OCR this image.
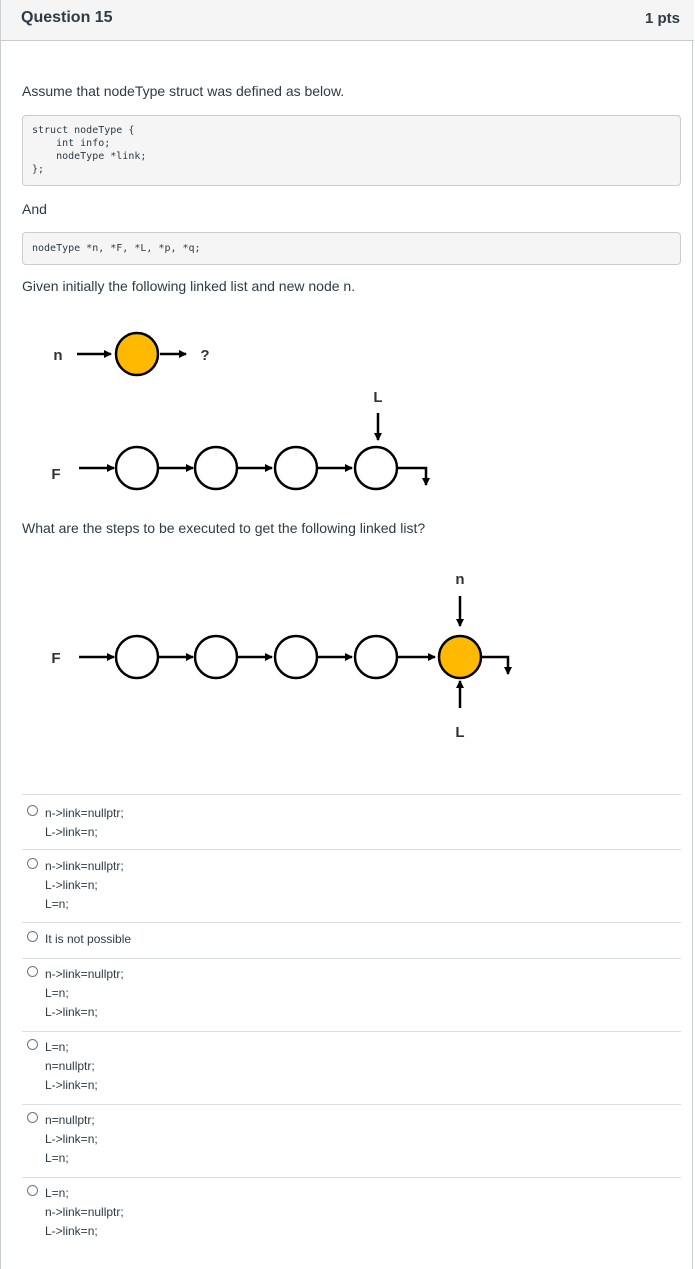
Question 15	1 pts
Assume that nodeType struct was defined as below.
struct nodeType {
int info;
nodeType *link;
};
And
nodeType *n, *F, *L, *p, *q;
Given initially the following linked list and new node n.
n	?
L
F
What are the steps to be executed to get the following linked list?
n
F
L
n->link=nullptr;
L->link=n;
n->link=nullptr;
L->link=n;
L=n;
It is not possible
n->link=nullptr;
L=n;
L->link=n;
L=n;
n=nullptr;
L->link=n;
n=nullptr;
L->link=n;
L=n;
L=n;
n->link=nullptr;
L->link=n;
